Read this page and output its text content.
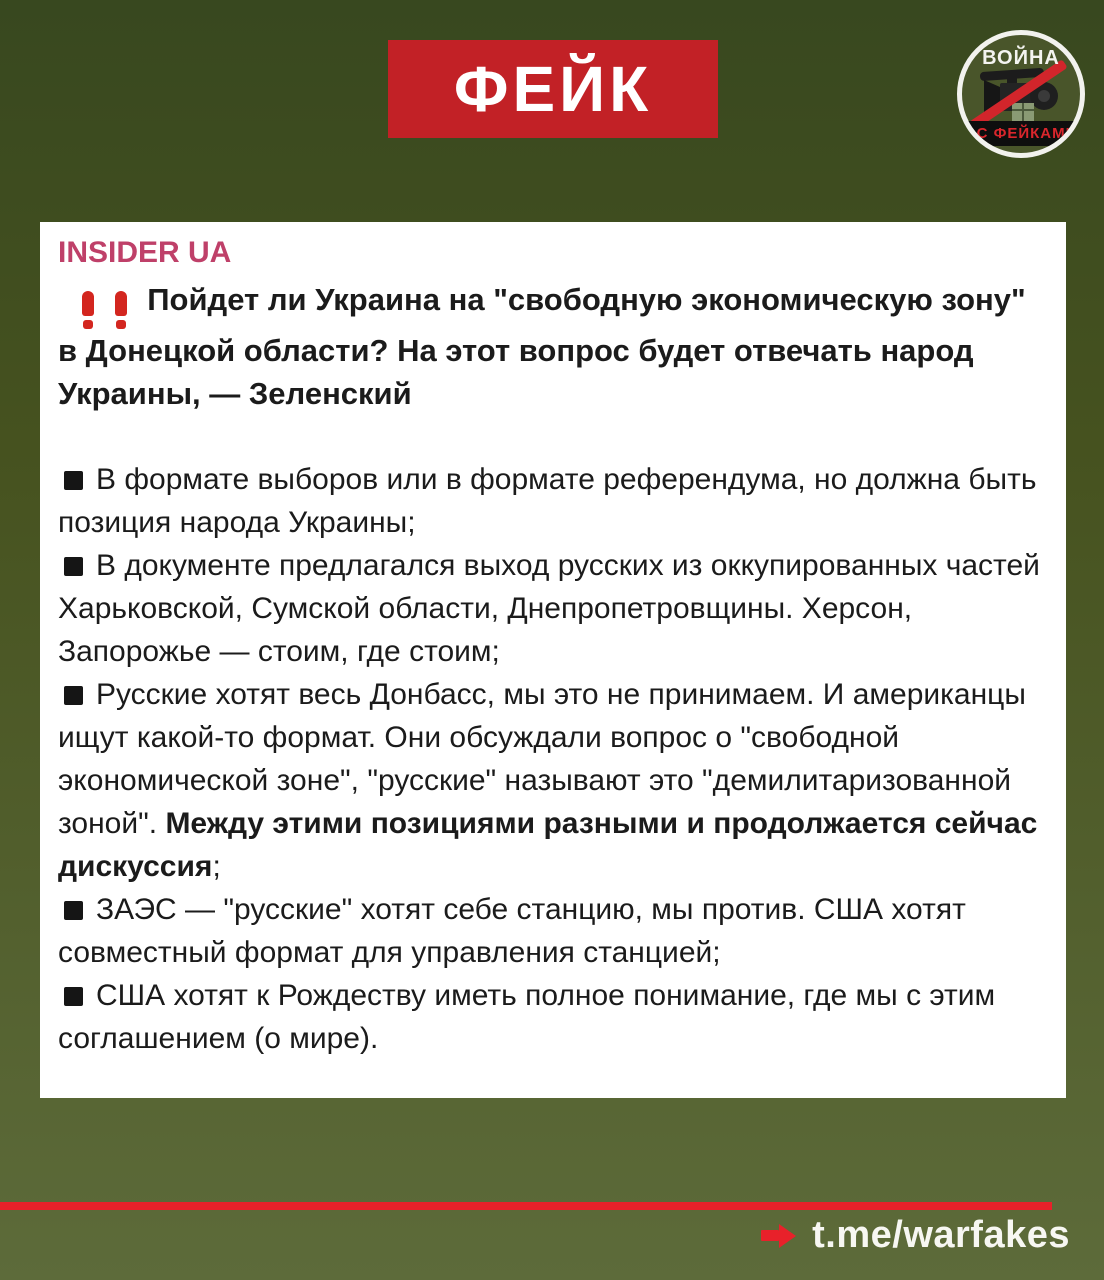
ФЕЙК	ВОЙНА
С ФЕЙКАМИ
INSIDER UA

Пойдет ли Украина на "свободную экономическую зону" в Донецкой области? На этот вопрос будет отвечать народ Украины, — Зеленский

В формате выборов или в формате референдума, но должна быть позиция народа Украины;

В документе предлагался выход русских из оккупированных частей Харьковской, Сумской области, Днепропетровщины. Херсон, Запорожье — стоим, где стоим;

Русские хотят весь Донбасс, мы это не принимаем. И американцы ищут какой-то формат. Они обсуждали вопрос о "свободной экономической зоне", "русские" называют это "демилитаризованной зоной". Между этими позициями разными и продолжается сейчас дискуссия;

ЗАЭС — "русские" хотят себе станцию, мы против. США хотят совместный формат для управления станцией;

США хотят к Рождеству иметь полное понимание, где мы с этим соглашением (о мире).

t.me/warfakes
